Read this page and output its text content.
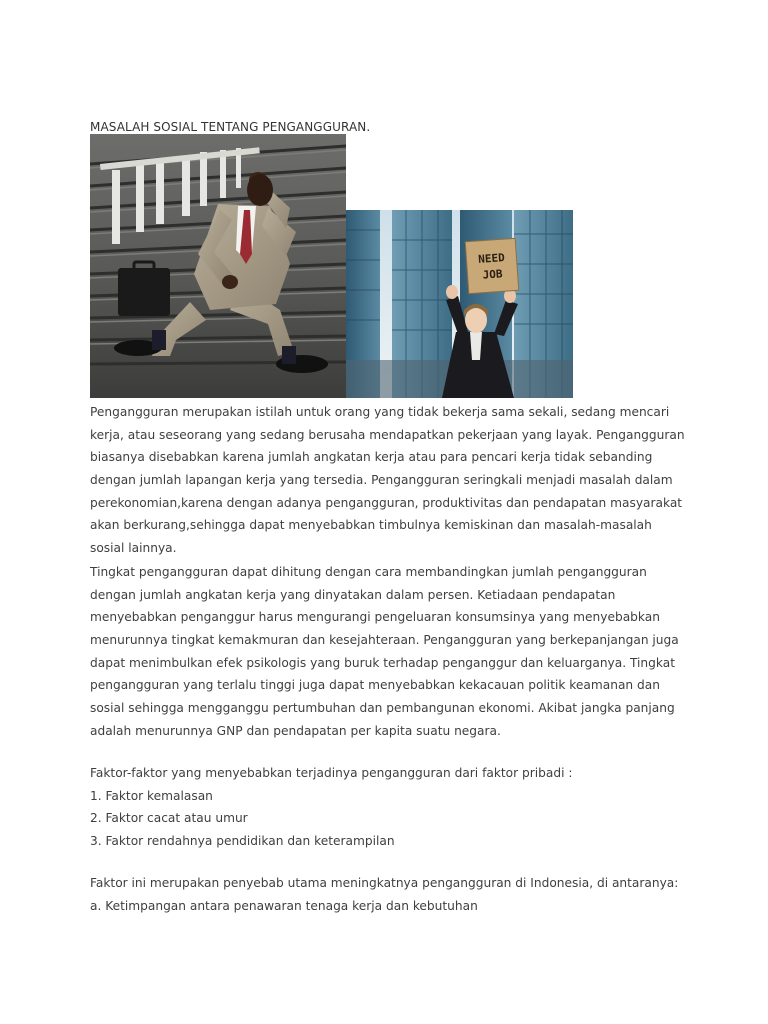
MASALAH SOSIAL TENTANG PENGANGGURAN.
NEED
JOB
Pengangguran merupakan istilah untuk orang yang tidak bekerja sama sekali, sedang mencari
kerja, atau seseorang yang sedang berusaha mendapatkan pekerjaan yang layak. Pengangguran
biasanya disebabkan karena jumlah angkatan kerja atau para pencari kerja tidak sebanding
dengan jumlah lapangan kerja yang tersedia. Pengangguran seringkali menjadi masalah dalam
perekonomian,karena dengan adanya pengangguran, produktivitas dan pendapatan masyarakat
akan berkurang,sehingga dapat menyebabkan timbulnya kemiskinan dan masalah-masalah
sosial lainnya.
Tingkat pengangguran dapat dihitung dengan cara membandingkan jumlah pengangguran
dengan jumlah angkatan kerja yang dinyatakan dalam persen. Ketiadaan pendapatan
menyebabkan penganggur harus mengurangi pengeluaran konsumsinya yang menyebabkan
menurunnya tingkat kemakmuran dan kesejahteraan. Pengangguran yang berkepanjangan juga
dapat menimbulkan efek psikologis yang buruk terhadap penganggur dan keluarganya. Tingkat
pengangguran yang terlalu tinggi juga dapat menyebabkan kekacauan politik keamanan dan
sosial sehingga mengganggu pertumbuhan dan pembangunan ekonomi. Akibat jangka panjang
adalah menurunnya GNP dan pendapatan per kapita suatu negara.
Faktor-faktor yang menyebabkan terjadinya pengangguran dari faktor pribadi :
1. Faktor kemalasan
2. Faktor cacat atau umur
3. Faktor rendahnya pendidikan dan keterampilan
Faktor ini merupakan penyebab utama meningkatnya pengangguran di Indonesia, di antaranya:
a. Ketimpangan antara penawaran tenaga kerja dan kebutuhan
